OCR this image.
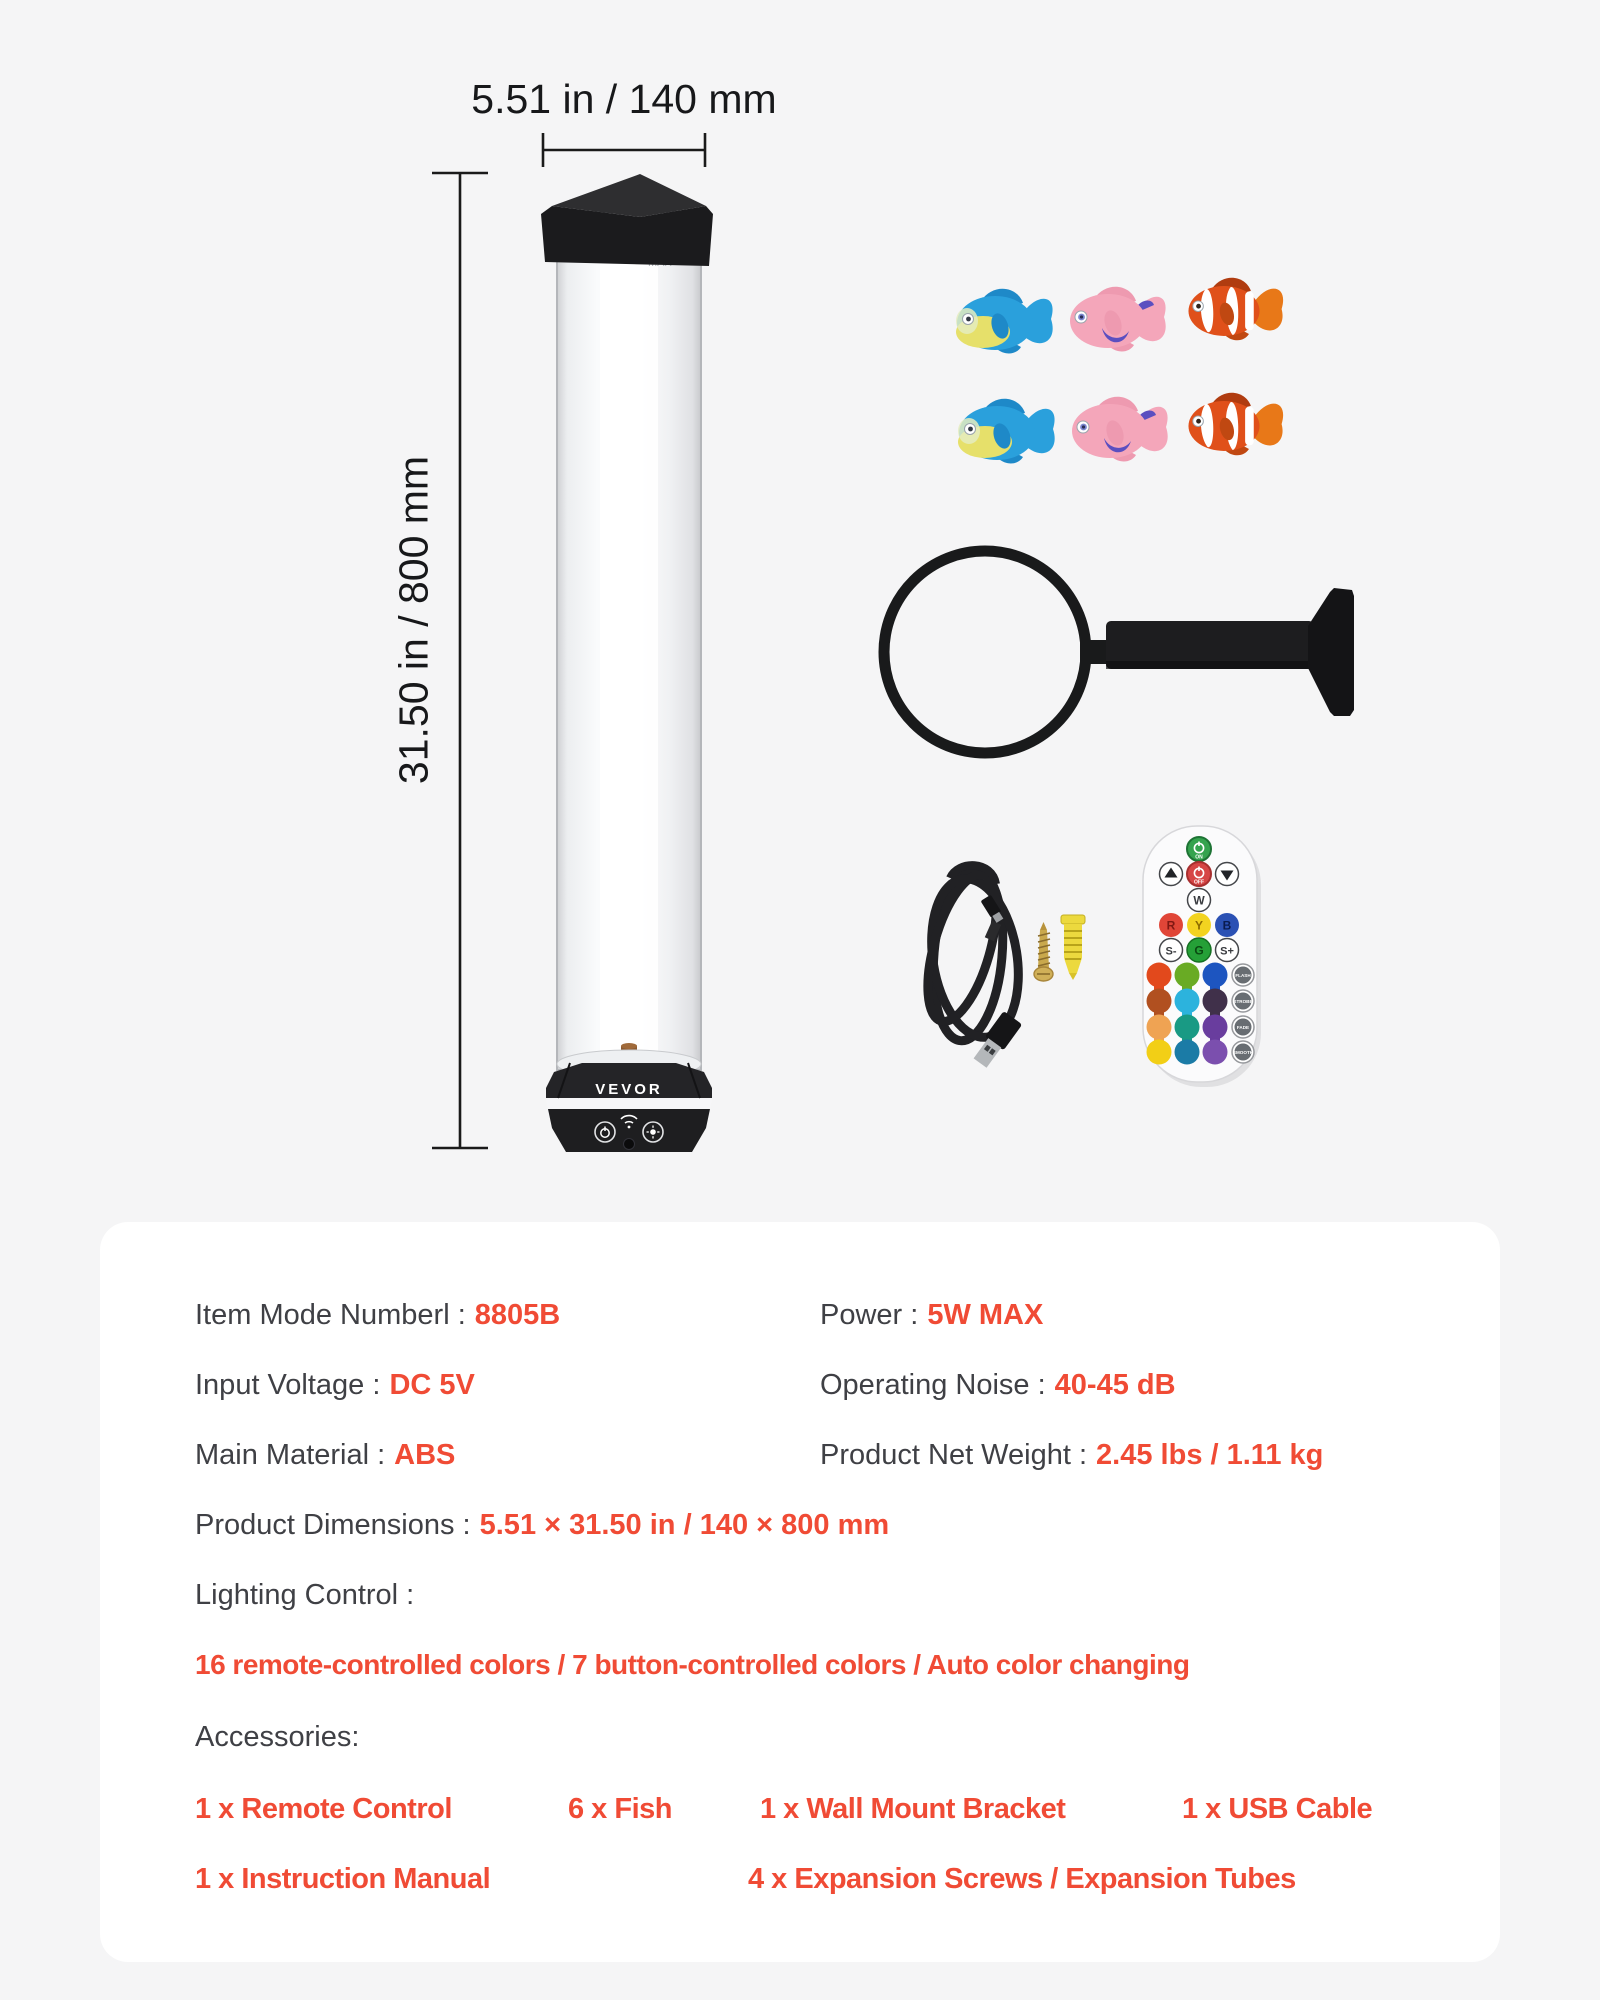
VEVOR
ON
OFF
W
R Y B
S- G S+
FLASH
STROBE
FADE
SMOOTH
5.51 in / 140 mm
31.50 in / 800 mm
Item Mode Numberl : 8805B	Power : 5W MAX
Input Voltage : DC 5V	Operating Noise : 40-45 dB
Main Material : ABS	Product Net Weight : 2.45 lbs / 1.11 kg
Product Dimensions : 5.51 × 31.50 in / 140 × 800 mm
Lighting Control :
16 remote-controlled colors / 7 button-controlled colors / Auto color changing
Accessories:
1 x Remote Control	6 x Fish	1 x Wall Mount Bracket	1 x USB Cable
1 x Instruction Manual	4 x Expansion Screws / Expansion Tubes
